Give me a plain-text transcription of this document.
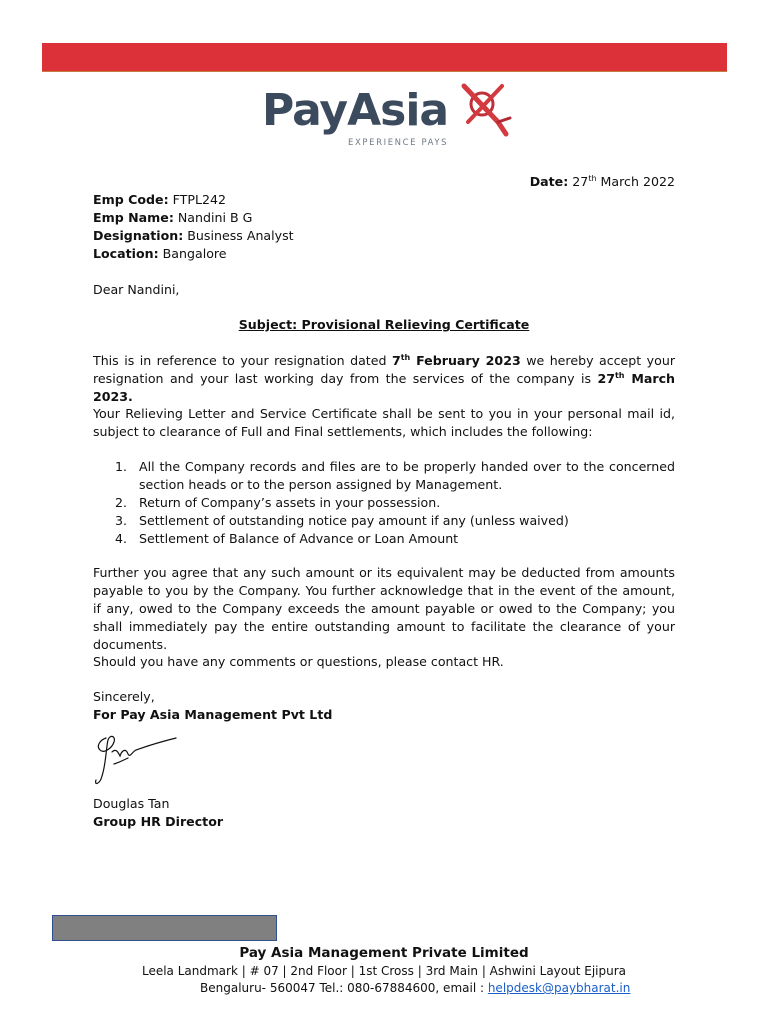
PayAsia
EXPERIENCE PAYS
Date: 27th March 2022
Emp Code: FTPL242
Emp Name: Nandini B G
Designation: Business Analyst
Location: Bangalore
Dear Nandini,
Subject: Provisional Relieving Certificate
This is in reference to your resignation dated 7th February 2023 we hereby accept your resignation and your last working day from the services of the company is 27th March 2023.
Your Relieving Letter and Service Certificate shall be sent to you in your personal mail id, subject to clearance of Full and Final settlements, which includes the following:
1. All the Company records and files are to be properly handed over to the concerned section heads or to the person assigned by Management.
2. Return of Company’s assets in your possession.
3. Settlement of outstanding notice pay amount if any (unless waived)
4. Settlement of Balance of Advance or Loan Amount
Further you agree that any such amount or its equivalent may be deducted from amounts payable to you by the Company. You further acknowledge that in the event of the amount, if any, owed to the Company exceeds the amount payable or owed to the Company; you shall immediately pay the entire outstanding amount to facilitate the clearance of your documents.
Should you have any comments or questions, please contact HR.
Sincerely,
For Pay Asia Management Pvt Ltd
Douglas Tan
Group HR Director
Pay Asia Management Private Limited
Leela Landmark | # 07 | 2nd Floor | 1st Cross | 3rd Main | Ashwini Layout Ejipura
Bengaluru- 560047 Tel.: 080-67884600, email : helpdesk@paybharat.in
